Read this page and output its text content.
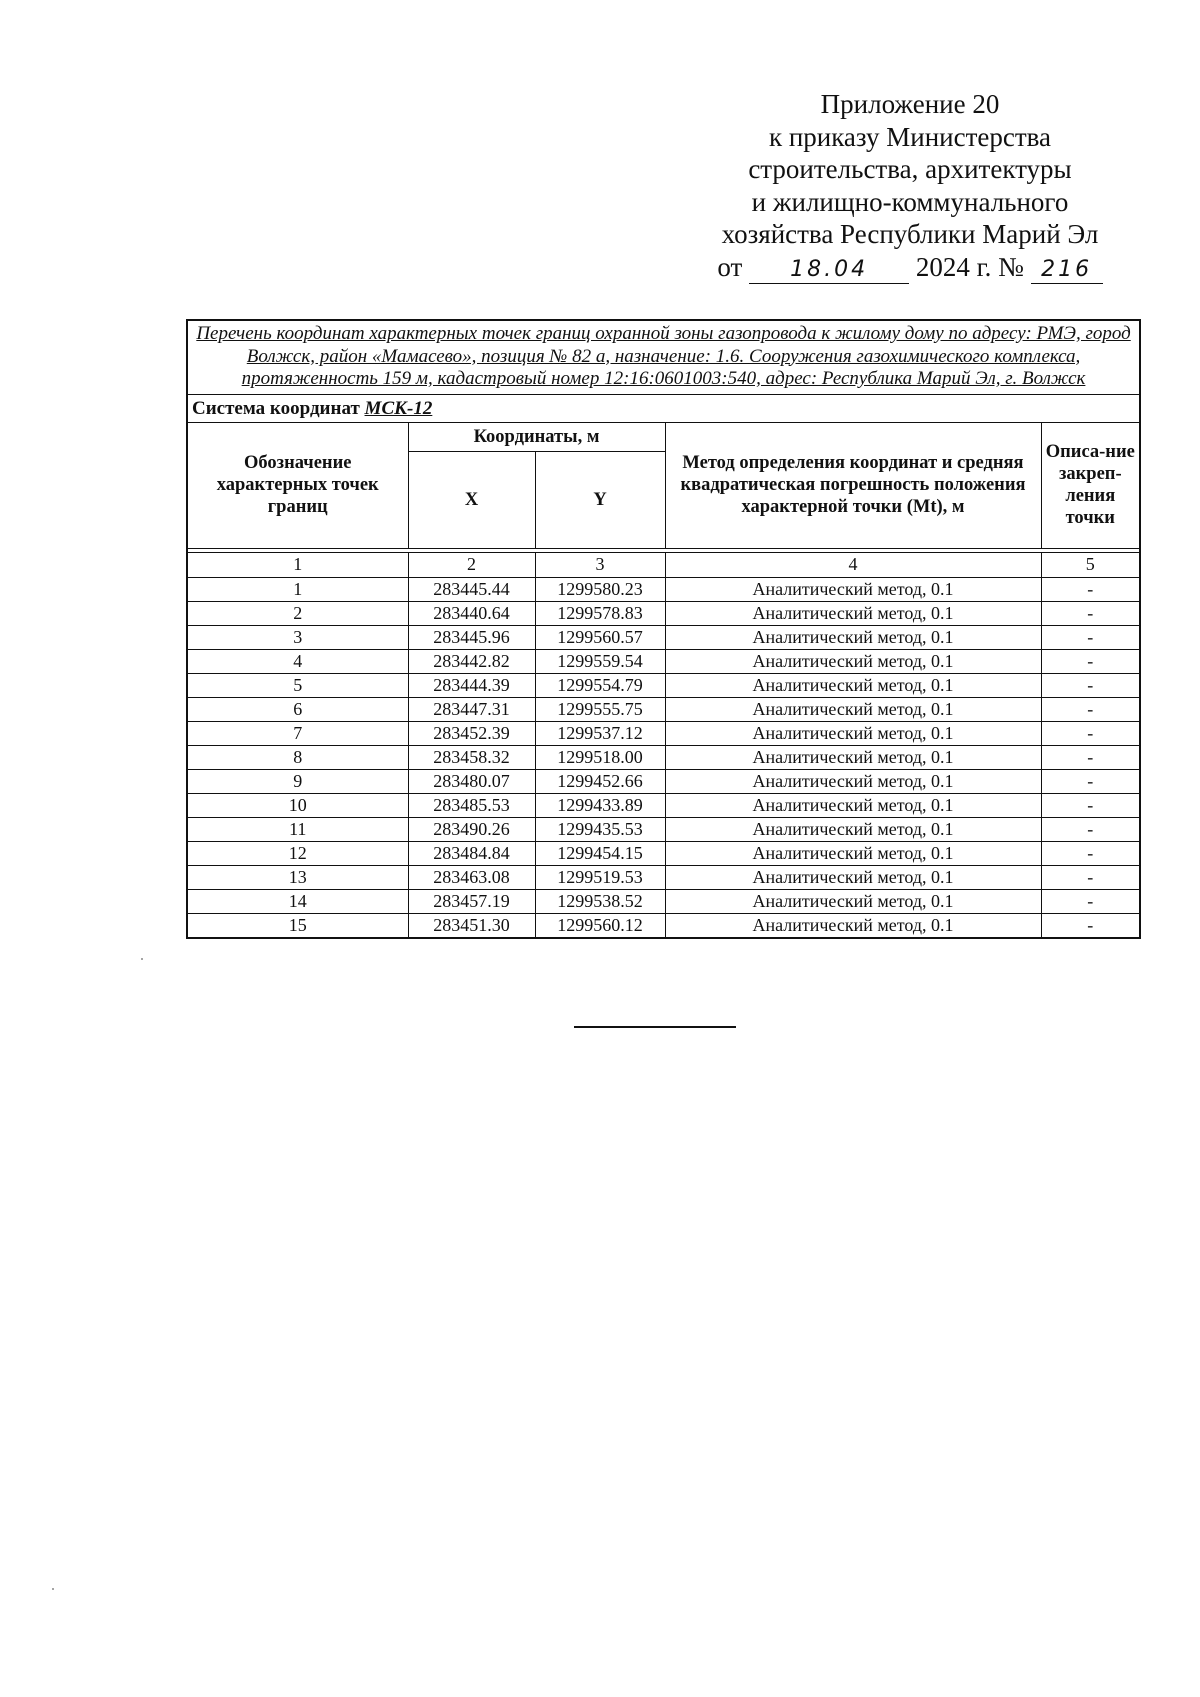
Приложение 20
к приказу Министерства
строительства, архитектуры
и жилищно-коммунального
хозяйства Республики Марий Эл
от 18.04 2024 г. № 216
Перечень координат характерных точек границ охранной зоны газопровода к жилому дому по адресу: РМЭ, город Волжск, район «Мамасево», позиция № 82 а, назначение: 1.6. Сооружения газохимического комплекса, протяженность 159 м, кадастровый номер 12:16:0601003:540, адрес: Республика Марий Эл, г. Волжск				
Система координат МСК-12				
Обозначение характерных точек границ	Координаты, м		Метод определения координат и средняя квадратическая погрешность положения характерной точки (Mt), м	Описа-ние закреп-ления точки
	X	Y		

1	2	3	4	5
1	283445.44	1299580.23	Аналитический метод, 0.1	-
2	283440.64	1299578.83	Аналитический метод, 0.1	-
3	283445.96	1299560.57	Аналитический метод, 0.1	-
4	283442.82	1299559.54	Аналитический метод, 0.1	-
5	283444.39	1299554.79	Аналитический метод, 0.1	-
6	283447.31	1299555.75	Аналитический метод, 0.1	-
7	283452.39	1299537.12	Аналитический метод, 0.1	-
8	283458.32	1299518.00	Аналитический метод, 0.1	-
9	283480.07	1299452.66	Аналитический метод, 0.1	-
10	283485.53	1299433.89	Аналитический метод, 0.1	-
11	283490.26	1299435.53	Аналитический метод, 0.1	-
12	283484.84	1299454.15	Аналитический метод, 0.1	-
13	283463.08	1299519.53	Аналитический метод, 0.1	-
14	283457.19	1299538.52	Аналитический метод, 0.1	-
15	283451.30	1299560.12	Аналитический метод, 0.1	-
